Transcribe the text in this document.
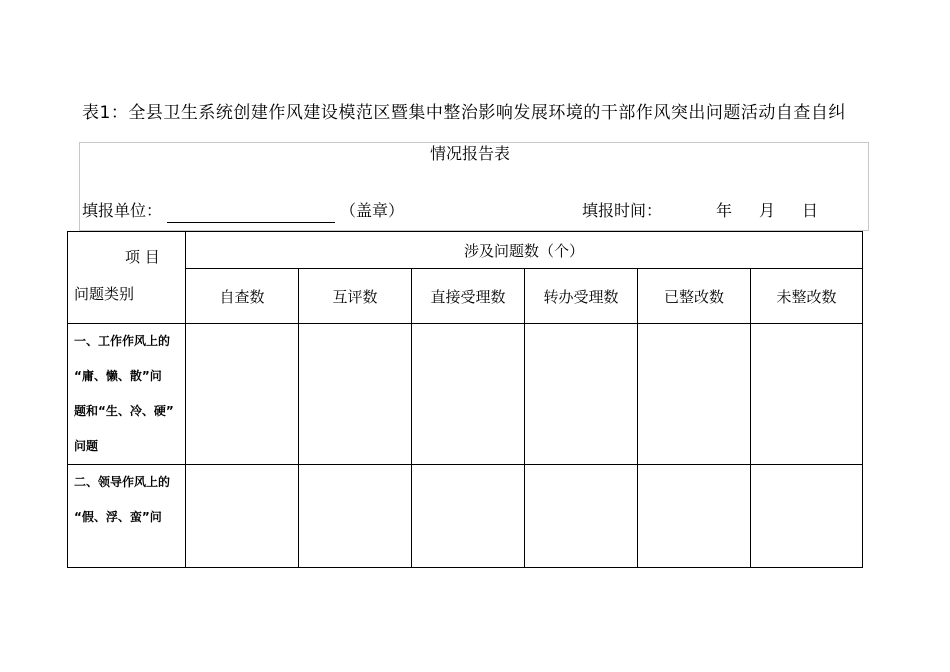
表1：全县卫生系统创建作风建设模范区暨集中整治影响发展环境的干部作风突出问题活动自查自纠
情况报告表
填报单位：	（盖章）	填报时间：	年 月 日
项 目
问题类别	涉及问题数（个）					
	自查数	互评数	直接受理数	转办受理数	已整改数	未整改数

一、工作作风上的
“庸、懒、散”问
题和“生、冷、硬”
问题						

二、领导作风上的
“假、浮、蛮”问						
